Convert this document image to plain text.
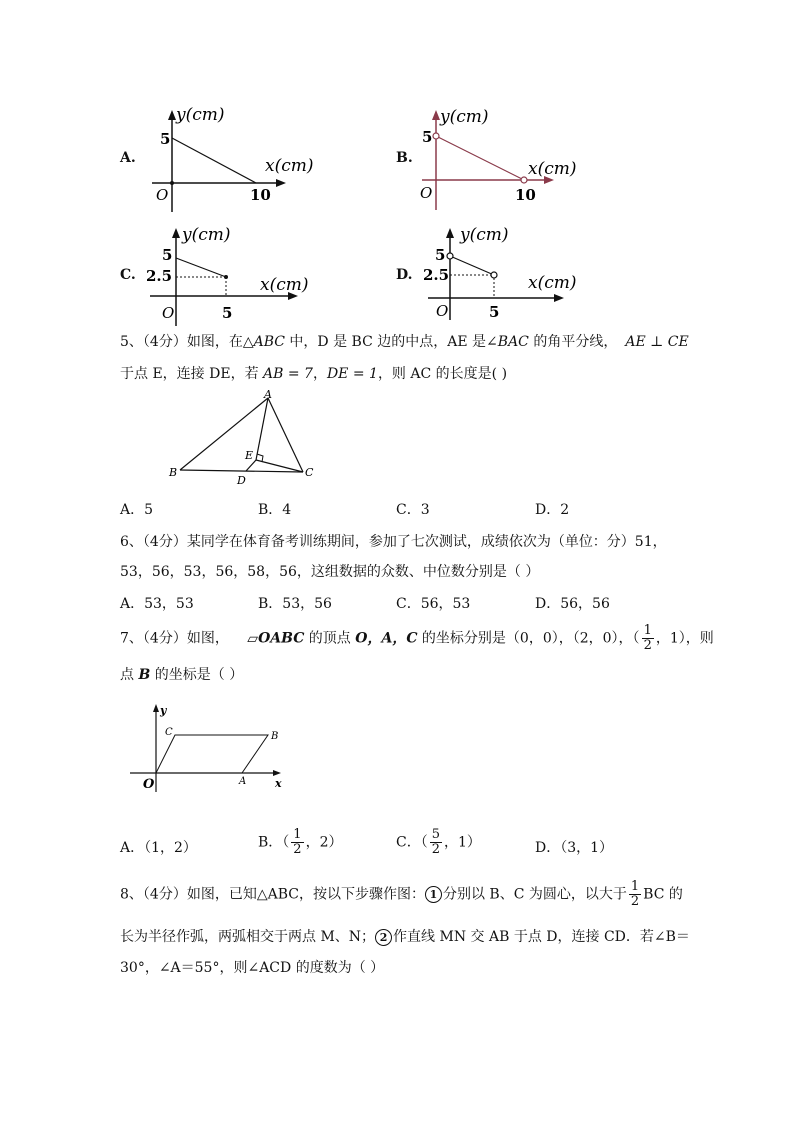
A.
y(cm)
x(cm)
5
10
O
B.
y(cm)
x(cm)
5
10
O
C.
y(cm)
x(cm)
5
2.5
5
O
D.
y(cm)
x(cm)
5
2.5
5
O
5、（4分）如图，在△ABC 中，D 是 BC 边的中点，AE 是∠BAC 的角平分线， AE ⊥ CE
于点 E，连接 DE，若 AB = 7，DE = 1，则 AC 的长度是( )
A
B	C
D
E
A．5	B．4	C．3	D．2
6、（4分）某同学在体育备考训练期间，参加了七次测试，成绩依次为（单位：分）51，
53，56，53，56，58，56，这组数据的众数、中位数分别是（ ）
A．53，53	B．53，56	C．56，53	D．56，56
7、（4分）如图， ▱OABC 的顶点 O，A，C 的坐标分别是（0，0），（2，0），（ $\frac{1}{2}$ ，1），则
点 B 的坐标是（ ）
y
x
O	A
B
C
A．（1，2）	B．（ $\frac{1}{2}$ ，2）	C．（ $\frac{5}{2}$ ，1）	D．（3，1）
8、（4分）如图，已知△ABC，按以下步骤作图： 1 分别以 B、C 为圆心，以大于 $\frac{1}{2}$ BC 的
长为半径作弧，两弧相交于两点 M、N； 2 作直线 MN 交 AB 于点 D，连接 CD．若∠B＝
30°，∠A＝55°，则∠ACD 的度数为（ ）
